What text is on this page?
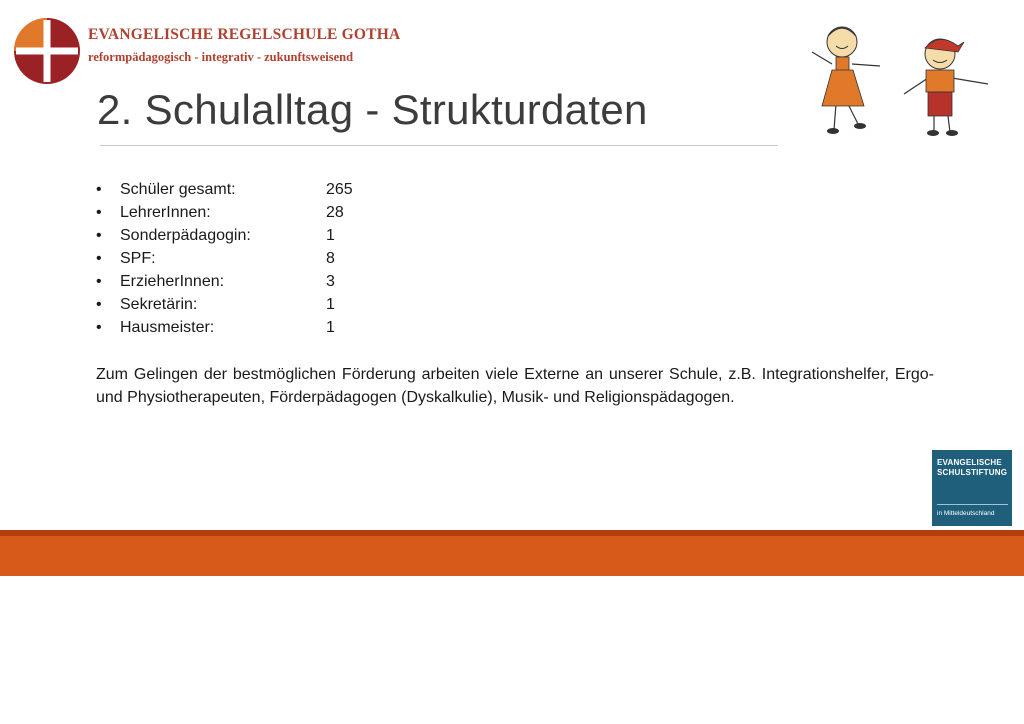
EVANGELISCHE REGELSCHULE GOTHA
reformpädagogisch - integrativ - zukunftsweisend
2. Schulalltag - Strukturdaten
• Schüler gesamt:	265
• LehrerInnen:	28
• Sonderpädagogin:	1
• SPF:	8
• ErzieherInnen:	3
• Sekretärin:	1
• Hausmeister:	1

Zum Gelingen der bestmöglichen Förderung arbeiten viele Externe an unserer Schule, z.B. Integrationshelfer, Ergo-und Physiotherapeuten, Förderpädagogen (Dyskalkulie), Musik- und Religionspädagogen.

EVANGELISCHE
SCHULSTIFTUNG
in Mitteldeutschland
